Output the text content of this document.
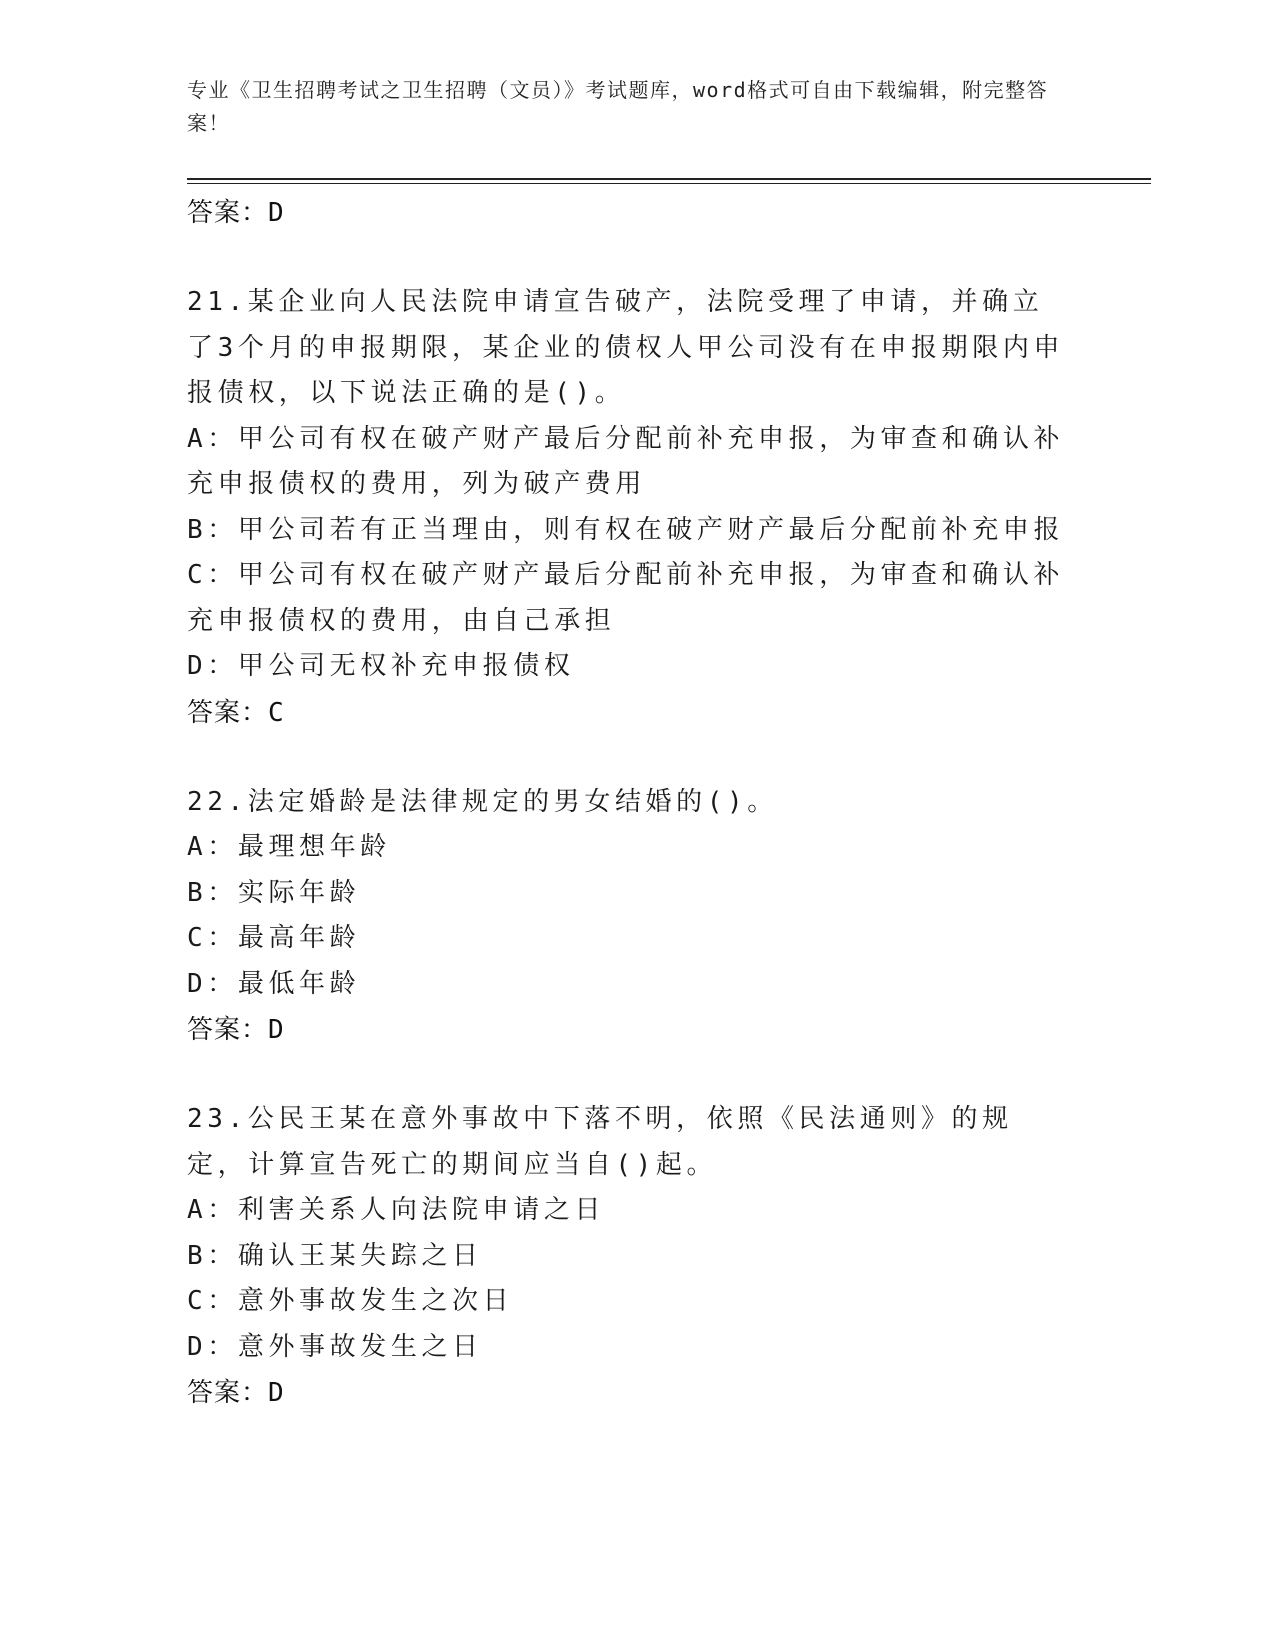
专业《卫生招聘考试之卫生招聘（文员）》考试题库，word格式可自由下载编辑，附完整答案！
答案：D
21.某企业向人民法院申请宣告破产，法院受理了申请，并确立了3个月的申报期限，某企业的债权人甲公司没有在申报期限内申报债权，以下说法正确的是()。
A：甲公司有权在破产财产最后分配前补充申报，为审查和确认补充申报债权的费用，列为破产费用
B：甲公司若有正当理由，则有权在破产财产最后分配前补充申报
C：甲公司有权在破产财产最后分配前补充申报，为审查和确认补充申报债权的费用，由自己承担
D：甲公司无权补充申报债权
答案：C
22.法定婚龄是法律规定的男女结婚的()。
A：最理想年龄
B：实际年龄
C：最高年龄
D：最低年龄
答案：D
23.公民王某在意外事故中下落不明，依照《民法通则》的规定，计算宣告死亡的期间应当自()起。
A：利害关系人向法院申请之日
B：确认王某失踪之日
C：意外事故发生之次日
D：意外事故发生之日
答案：D
